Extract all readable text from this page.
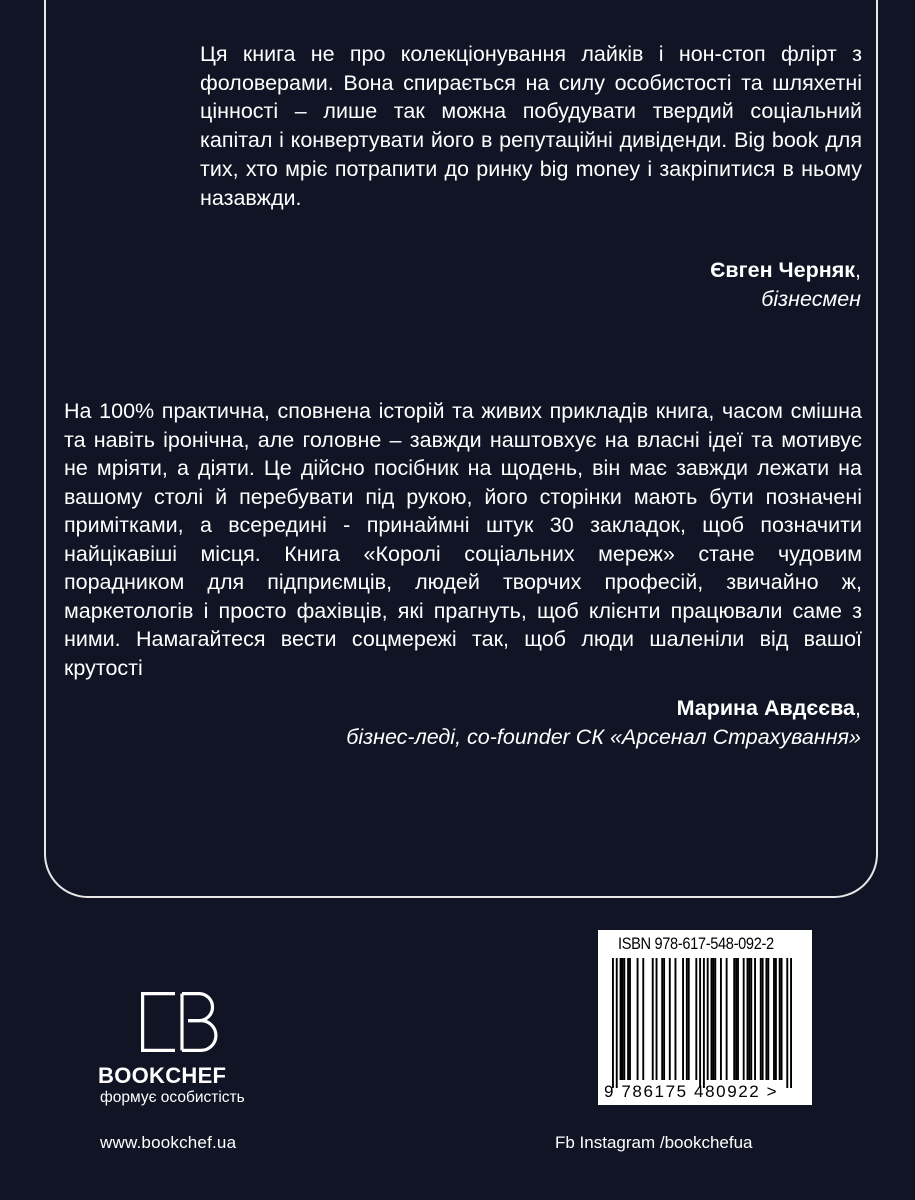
Ця книга не про колекціонування лайків і нон-стоп флірт з фоловерами. Вона спирається на силу особистості та шляхетні цінності – лише так можна побудувати твердий соціальний капітал і конвертувати його в репутаційні дивіденди. Big book для тих, хто мріє потрапити до ринку big money і закріпитися в ньому назавжди.

Євген Черняк,
бізнесмен

На 100% практична, сповнена історій та живих прикладів книга, часом смішна та навіть іронічна, але головне – завжди наштовхує на власні ідеї та мотивує не мріяти, а діяти. Це дійсно посібник на щодень, він має завжди лежати на вашому столі й перебувати під рукою, його сторінки мають бути позначені примітками, а всередині - принаймні штук 30 закладок, щоб позначити найцікавіші місця. Книга «Королі соціальних мереж» стане чудовим порадником для підприємців, людей творчих професій, звичайно ж, маркетологів і просто фахівців, які прагнуть, щоб клієнти працювали саме з ними. Намагайтеся вести соцмережі так, щоб люди шаленіли від вашої крутості

Марина Авдєєва,
бізнес-леді, co-founder СК «Арсенал Страхування»
BOOKCHEF
формує особистість
ISBN 978-617-548-092-2
9 786175 480922 >
www.bookchef.ua	Fb Instagram /bookchefua
